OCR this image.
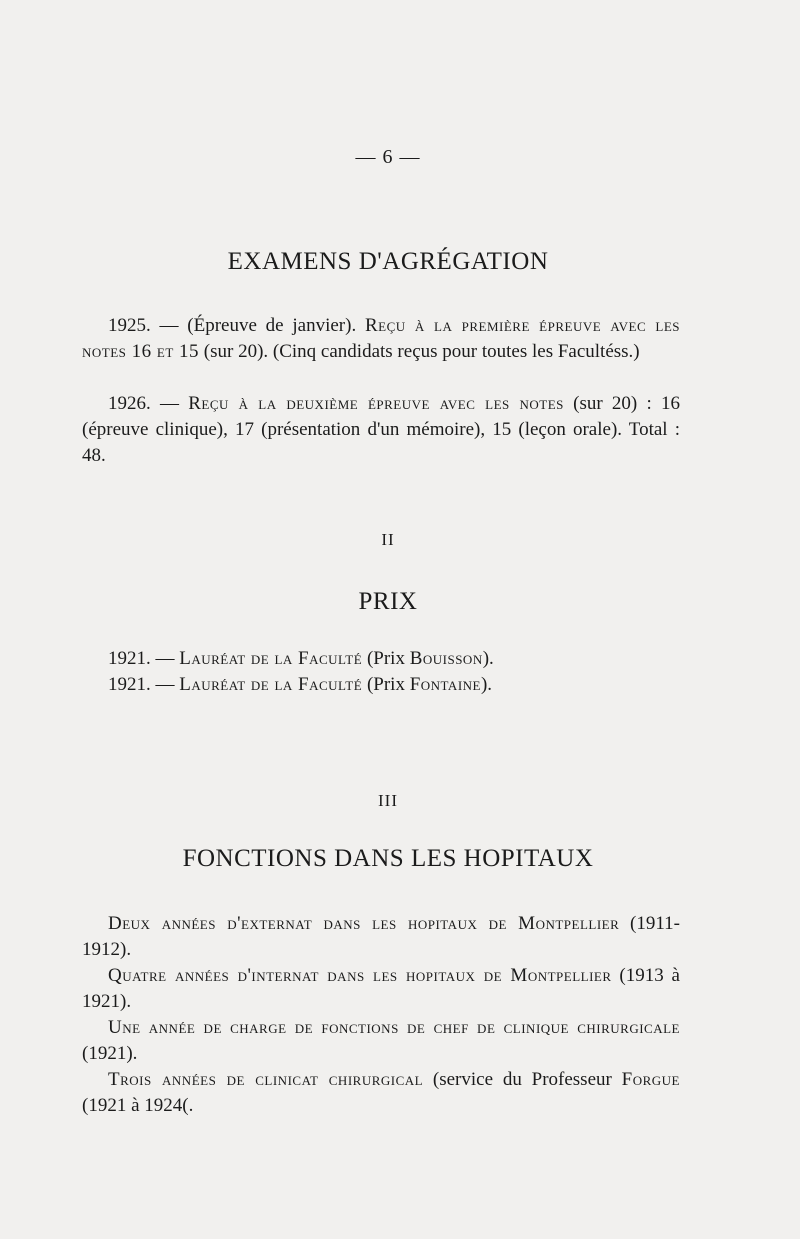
— 6 —
EXAMENS D'AGRÉGATION

1925. — (Épreuve de janvier). Reçu à la première épreuve avec les notes 16 et 15 (sur 20). (Cinq candidats reçus pour toutes les Facultéss.)

1926. — Reçu à la deuxième épreuve avec les notes (sur 20) : 16 (épreuve clinique), 17 (présentation d'un mémoire), 15 (leçon orale). Total : 48.

II
PRIX
1921. — Lauréat de la Faculté (Prix Bouisson).
1921. — Lauréat de la Faculté (Prix Fontaine).
III
FONCTIONS DANS LES HOPITAUX

Deux années d'externat dans les hopitaux de Montpellier (1911-1912).

Quatre années d'internat dans les hopitaux de Montpellier (1913 à 1921).

Une année de charge de fonctions de chef de clinique chirurgicale (1921).

Trois années de clinicat chirurgical (service du Professeur Forgue (1921 à 1924(.
